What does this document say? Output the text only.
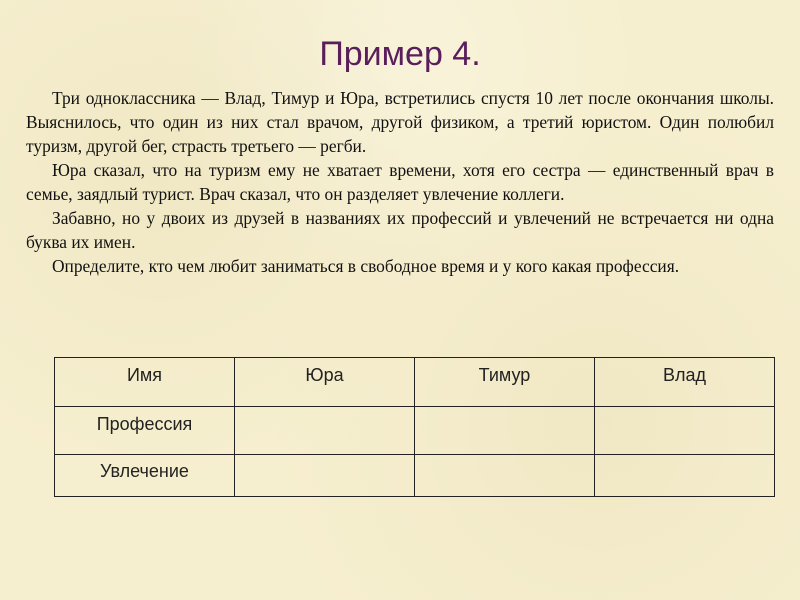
Пример 4.

Три одноклассника — Влад, Тимур и Юра, встретились спустя 10 лет после окончания школы. Выяснилось, что один из них стал врачом, другой физиком, а третий юристом. Один полюбил туризм, другой бег, страсть третьего — регби.

Юра сказал, что на туризм ему не хватает времени, хотя его сестра — единственный врач в семье, заядлый турист. Врач сказал, что он разделяет увлечение коллеги.

Забавно, но у двоих из друзей в названиях их профессий и увлечений не встречается ни одна буква их имен.

Определите, кто чем любит заниматься в свободное время и у кого какая профессия.

Имя	Юра	Тимур	Влад
Профессия			
Увлечение			
